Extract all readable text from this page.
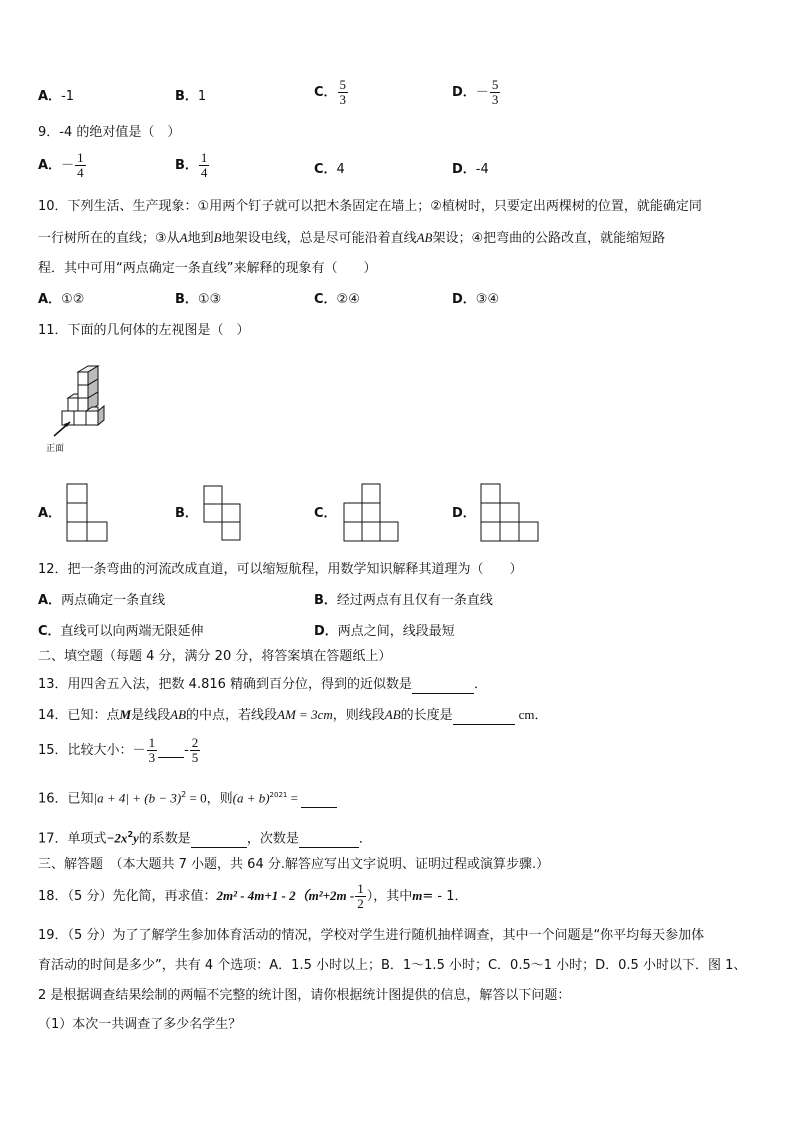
A．-1	B．1	C． $\frac{5}{3}$	D．－ $\frac{5}{3}$
9．-4 的绝对值是（　）
A．－ $\frac{1}{4}$	B． $\frac{1}{4}$	C．4	D．-4
10．下列生活、生产现象：①用两个钉子就可以把木条固定在墙上；②植树时，只要定出两棵树的位置，就能确定同
一行树所在的直线；③从A地到B地架设电线，总是尽可能沿着直线AB架设；④把弯曲的公路改直，就能缩短路
程．其中可用“两点确定一条直线”来解释的现象有（　　）
A．①②	B．①③	C．②④	D．③④
11．下面的几何体的左视图是（　）
正面
A．	B．	C．	D．
12．把一条弯曲的河流改成直道，可以缩短航程，用数学知识解释其道理为（　　）
A．两点确定一条直线	B．经过两点有且仅有一条直线
C．直线可以向两端无限延伸	D．两点之间，线段最短
二、填空题（每题 4 分，满分 20 分，将答案填在答题纸上）
13．用四舍五入法，把数 4.816 精确到百分位，得到的近似数是	．
14．已知：点M是线段AB的中点，若线段AM = 3cm，则线段AB的长度是	cm．
15．比较大小：－ $\frac{1}{3} - \frac{2}{5}$
16．已知$|a + 4| + (b - 3)^2 = 0$，则$(a + b)^{2021}$ =
17．单项式$-2x^2y$的系数是	，次数是	．
三、解答题　（本大题共 7 小题，共 64 分.解答应写出文字说明、证明过程或演算步骤.）
18．（5 分）先化简，再求值：$2m^2 - 4m+1 - 2(m^2+2m - \frac{1}{2}$ ），其中m= - 1．
19．（5 分）为了了解学生参加体育活动的情况，学校对学生进行随机抽样调查，其中一个问题是“你平均每天参加体
育活动的时间是多少”，共有 4 个选项：A．1.5 小时以上；B．1～1.5 小时；C．0.5～1 小时；D．0.5 小时以下．图 1、
2 是根据调查结果绘制的两幅不完整的统计图，请你根据统计图提供的信息，解答以下问题：
（1）本次一共调查了多少名学生？
